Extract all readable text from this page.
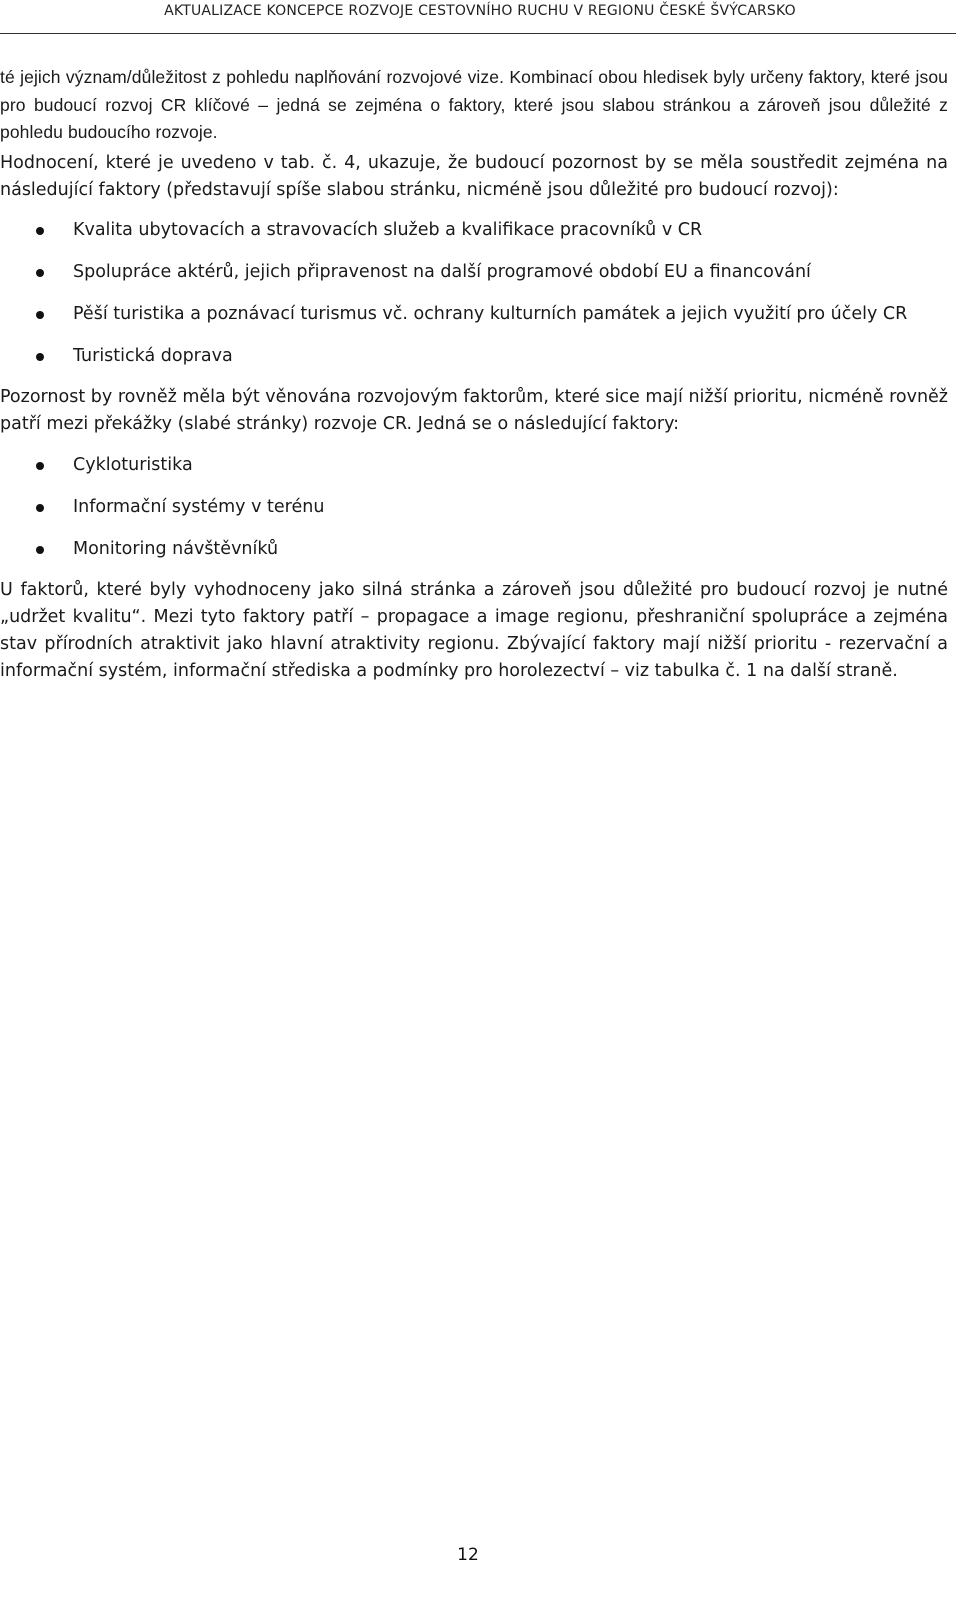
AKTUALIZACE KONCEPCE ROZVOJE CESTOVNÍHO RUCHU V REGIONU ČESKÉ ŠVÝCARSKO

té jejich význam/důležitost z pohledu naplňování rozvojové vize. Kombinací obou hledisek byly určeny faktory, které jsou pro budoucí rozvoj CR klíčové – jedná se zejména o faktory, které jsou slabou stránkou a zároveň jsou důležité z pohledu budoucího rozvoje.

Hodnocení, které je uvedeno v tab. č. 4, ukazuje, že budoucí pozornost by se měla soustředit zejména na následující faktory (představují spíše slabou stránku, nicméně jsou důležité pro budoucí rozvoj):

Kvalita ubytovacích a stravovacích služeb a kvalifikace pracovníků v CR
Spolupráce aktérů, jejich připravenost na další programové období EU a financování
Pěší turistika a poznávací turismus vč. ochrany kulturních památek a jejich využití pro účely CR
Turistická doprava

Pozornost by rovněž měla být věnována rozvojovým faktorům, které sice mají nižší prioritu, nicméně rovněž patří mezi překážky (slabé stránky) rozvoje CR. Jedná se o následující faktory:

Cykloturistika
Informační systémy v terénu
Monitoring návštěvníků

U faktorů, které byly vyhodnoceny jako silná stránka a zároveň jsou důležité pro budoucí rozvoj je nutné „udržet kvalitu“. Mezi tyto faktory patří – propagace a image regionu, přeshraniční spolupráce a zejména stav přírodních atraktivit jako hlavní atraktivity regionu. Zbývající faktory mají nižší prioritu - rezervační a informační systém, informační střediska a podmínky pro horolezectví – viz tabulka č. 1 na další straně.

12
